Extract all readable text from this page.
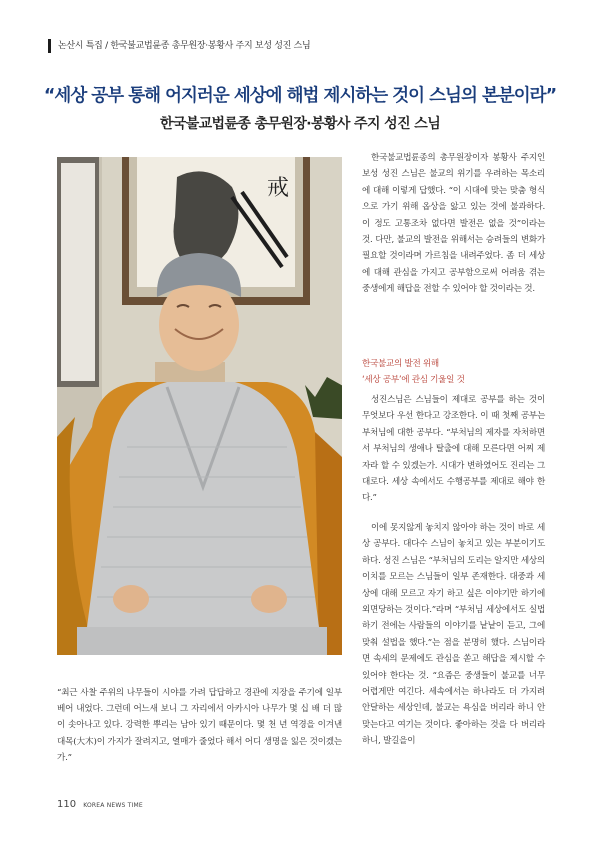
논산시 특집 / 한국불교법륜종 총무원장·봉황사 주지 보성 성진 스님
“세상 공부 통해 어지러운 세상에 해법 제시하는 것이 스님의 본분이라”
한국불교법륜종 총무원장·봉황사 주지 성진 스님
戒

“최근 사찰 주위의 나무들이 시야를 가려 답답하고 경관에 지장을 주기에 일부 베어 내었다. 그런데 어느새 보니 그 자리에서 아카시아 나무가 몇 십 배 더 많이 솟아나고 있다. 강력한 뿌리는 남아 있기 때문이다. 몇 천 년 역경을 이겨낸 대목(大木)이 가지가 잘려지고, 열매가 줄었다 해서 어디 생명을 잃은 것이겠는가.”

한국불교법륜종의 총무원장이자 봉황사 주지인 보성 성진 스님은 불교의 위기를 우려하는 목소리에 대해 이렇게 답했다. “이 시대에 맞는 맞춤 형식으로 가기 위해 옵상을 앓고 있는 것에 불과하다. 이 정도 고통조차 없다면 발전은 없을 것”이라는 것. 다만, 불교의 발전을 위해서는 승려들의 변화가 필요할 것이라며 가르침을 내려주었다. 좀 더 세상에 대해 관심을 가지고 공부함으로써 어려움 겪는 중생에게 해답을 전할 수 있어야 할 것이라는 것.

한국불교의 발전 위해
‘세상 공부’에 관심 기울일 것

성진스님은 스님들이 제대로 공부를 하는 것이 무엇보다 우선 한다고 강조한다. 이 때 첫째 공부는 부처님에 대한 공부다. “부처님의 제자를 자처하면서 부처님의 생애나 탈출에 대해 모른다면 어찌 제자라 할 수 있겠는가. 시대가 변하였어도 진리는 그대로다. 세상 속에서도 수행공부를 제대로 해야 한다.”

이에 못지않게 놓치지 않아야 하는 것이 바로 세상 공부다. 대다수 스님이 놓치고 있는 부분이기도 하다. 성진 스님은 “부처님의 도리는 알지만 세상의 이치를 모르는 스님들이 일부 존재한다. 대중과 세상에 대해 모르고 자기 하고 싶은 이야기만 하기에 외면당하는 것이다.”라며 “부처님 세상에서도 실법하기 전에는 사람들의 이야기를 낱낱이 듣고, 그에 맞춰 설법을 했다.”는 점을 분명히 했다. 스님이라면 속세의 문제에도 관심을 쏟고 해답을 제시할 수 있어야 한다는 것. “요즘은 중생들이 불교를 너무 어렵게만 여긴다. 세속에서는 하나라도 더 가지려 안달하는 세상인데, 불교는 욕심을 버리라 하니 안 맞는다고 여기는 것이다. 좋아하는 것을 다 버리라 하니, 발길을이

110 KOREA NEWS TIME
